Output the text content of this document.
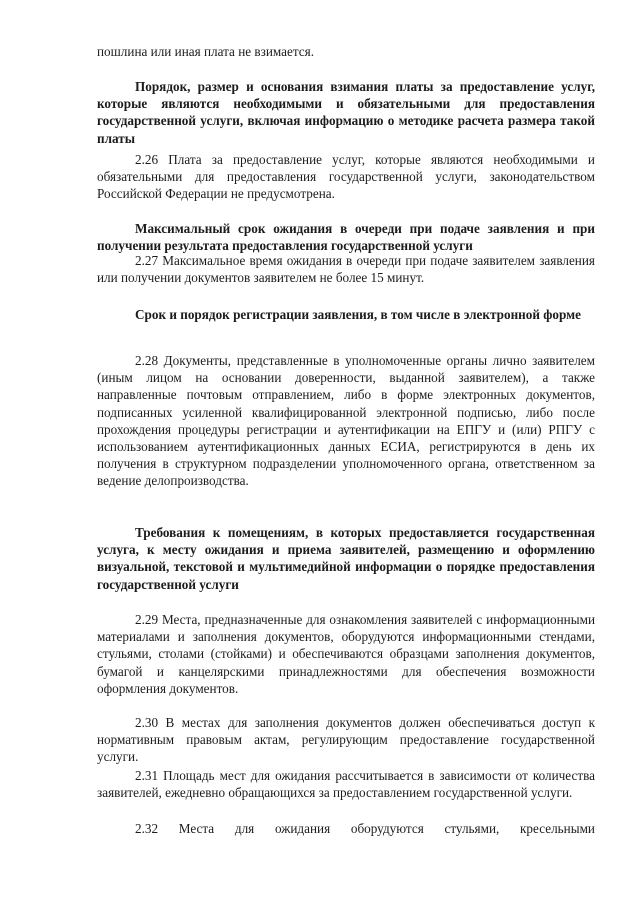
пошлина или иная плата не взимается.

Порядок, размер и основания взимания платы за предоставление услуг, которые являются необходимыми и обязательными для предоставления государственной услуги, включая информацию о методике расчета размера такой платы

2.26 Плата за предоставление услуг, которые являются необходимыми и обязательными для предоставления государственной услуги, законодательством Российской Федерации не предусмотрена.

Максимальный срок ожидания в очереди при подаче заявления и при получении результата предоставления государственной услуги

2.27 Максимальное время ожидания в очереди при подаче заявителем заявления или получении документов заявителем не более 15 минут.

Срок и порядок регистрации заявления, в том числе в электронной форме

2.28 Документы, представленные в уполномоченные органы лично заявителем (иным лицом на основании доверенности, выданной заявителем), а также направленные почтовым отправлением, либо в форме электронных документов, подписанных усиленной квалифицированной электронной подписью, либо после прохождения процедуры регистрации и аутентификации на ЕПГУ и (или) РПГУ с использованием аутентификационных данных ЕСИА, регистрируются в день их получения в структурном подразделении уполномоченного органа, ответственном за ведение делопроизводства.

Требования к помещениям, в которых предоставляется государственная услуга, к месту ожидания и приема заявителей, размещению и оформлению визуальной, текстовой и мультимедийной информации о порядке предоставления государственной услуги

2.29 Места, предназначенные для ознакомления заявителей с информационными материалами и заполнения документов, оборудуются информационными стендами, стульями, столами (стойками) и обеспечиваются образцами заполнения документов, бумагой и канцелярскими принадлежностями для обеспечения возможности оформления документов.

2.30 В местах для заполнения документов должен обеспечиваться доступ к нормативным правовым актам, регулирующим предоставление государственной услуги.

2.31 Площадь мест для ожидания рассчитывается в зависимости от количества заявителей, ежедневно обращающихся за предоставлением государственной услуги.

2.32 Места для ожидания оборудуются стульями, кресельными
